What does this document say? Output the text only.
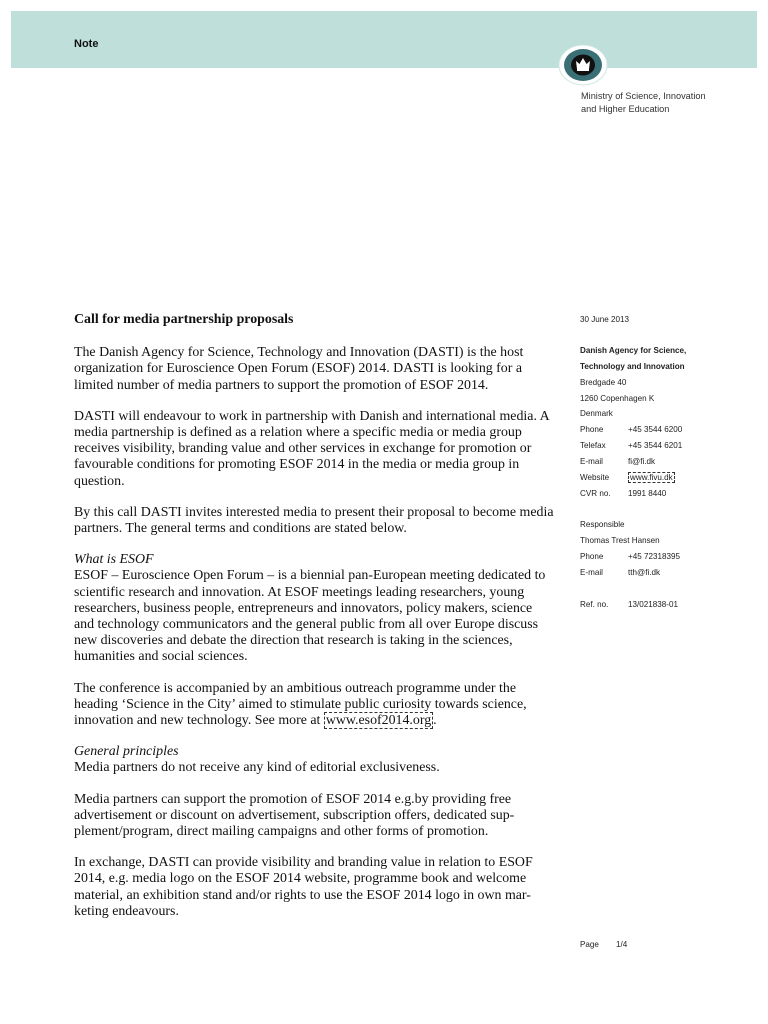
Note
Ministry of Science, Innovation
and Higher Education
Call for media partnership proposals

The Danish Agency for Science, Technology and Innovation (DASTI) is the host organization for Euroscience Open Forum (ESOF) 2014. DASTI is looking for a limited number of media partners to support the promotion of ESOF 2014.

DASTI will endeavour to work in partnership with Danish and international media. A media partnership is defined as a relation where a specific media or media group receives visibility, branding value and other services in exchange for promotion or favourable conditions for promoting ESOF 2014 in the media or media group in question.

By this call DASTI invites interested media to present their proposal to become media partners. The general terms and conditions are stated below.

What is ESOF
ESOF – Euroscience Open Forum – is a biennial pan-European meeting dedicated to scientific research and innovation. At ESOF meetings leading researchers, young researchers, business people, entrepreneurs and innovators, policy makers, science and technology communicators and the general public from all over Europe discuss new discoveries and debate the direction that research is taking in the sciences, humanities and social sciences.

The conference is accompanied by an ambitious outreach programme under the heading ‘Science in the City’ aimed to stimulate public curiosity towards science, innovation and new technology. See more at www.esof2014.org .

General principles
Media partners do not receive any kind of editorial exclusiveness.

Media partners can support the promotion of ESOF 2014 e.g.by providing free advertisement or discount on advertisement, subscription offers, dedicated sup-plement/program, direct mailing campaigns and other forms of promotion.

In exchange, DASTI can provide visibility and branding value in relation to ESOF 2014, e.g. media logo on the ESOF 2014 website, programme book and welcome material, an exhibition stand and/or rights to use the ESOF 2014 logo in own mar-keting endeavours.

30 June 2013
Danish Agency for Science,
Technology and Innovation
Bredgade 40
1260 Copenhagen K
Denmark
Phone	+45 3544 6200
Telefax	+45 3544 6201
E-mail	fi@fi.dk
Website	www.fivu.dk
CVR no. 1991 8440
Responsible
Thomas Trest Hansen
Phone	+45 72318395
E-mail	tth@fi.dk
Ref. no. 13/021838-01
Page 1/4
